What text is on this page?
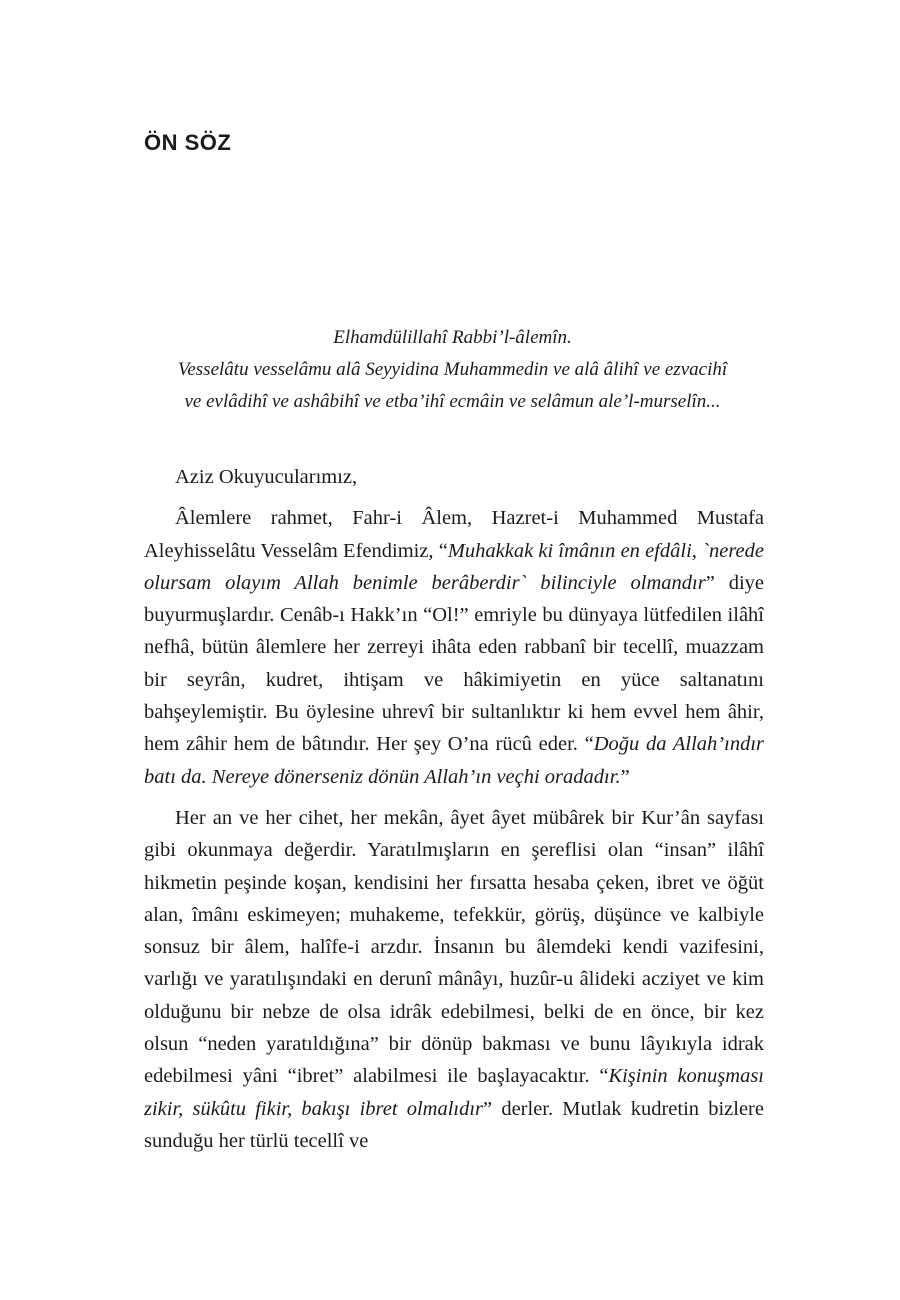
ÖN SÖZ
Elhamdülillahî Rabbi’l-âlemîn.
Vesselâtu vesselâmu alâ Seyyidina Muhammedin ve alâ âlihî ve ezvacihî ve evlâdihî ve ashâbihî ve etba’ihî ecmâin ve selâmun ale’l-murselîn...

Aziz Okuyucularımız,

Âlemlere rahmet, Fahr-i Âlem, Hazret-i Muhammed Mustafa Aleyhisselâtu Vesselâm Efendimiz, “Muhakkak ki îmânın en efdâli, `nerede olursam olayım Allah benimle berâberdir` bilinciyle olmandır” diye buyurmuşlardır. Cenâb-ı Hakk’ın “Ol!” emriyle bu dünyaya lütfedilen ilâhî nefhâ, bütün âlemlere her zerreyi ihâta eden rabbanî bir tecellî, muazzam bir seyrân, kudret, ihtişam ve hâkimiyetin en yüce saltanatını bahşeylemiştir. Bu öylesine uhrevî bir sultanlıktır ki hem evvel hem âhir, hem zâhir hem de bâtındır. Her şey O’na rücû eder. “Doğu da Allah’ındır batı da. Nereye dönerseniz dönün Allah’ın veçhi oradadır.”

Her an ve her cihet, her mekân, âyet âyet mübârek bir Kur’ân sayfası gibi okunmaya değerdir. Yaratılmışların en şereflisi olan “insan” ilâhî hikmetin peşinde koşan, kendisini her fırsatta hesaba çeken, ibret ve öğüt alan, îmânı eskimeyen; muhakeme, tefekkür, görüş, düşünce ve kalbiyle sonsuz bir âlem, halîfe-i arzdır. İnsanın bu âlemdeki kendi vazifesini, varlığı ve yaratılışındaki en derunî mânâyı, huzûr-u âlideki acziyet ve kim olduğunu bir nebze de olsa idrâk edebilmesi, belki de en önce, bir kez olsun “neden yaratıldığına” bir dönüp bakması ve bunu lâyıkıyla idrak edebilmesi yâni “ibret” alabilmesi ile başlayacaktır. “Kişinin konuşması zikir, sükûtu fikir, bakışı ibret olmalıdır” derler. Mutlak kudretin bizlere sunduğu her türlü tecellî ve
